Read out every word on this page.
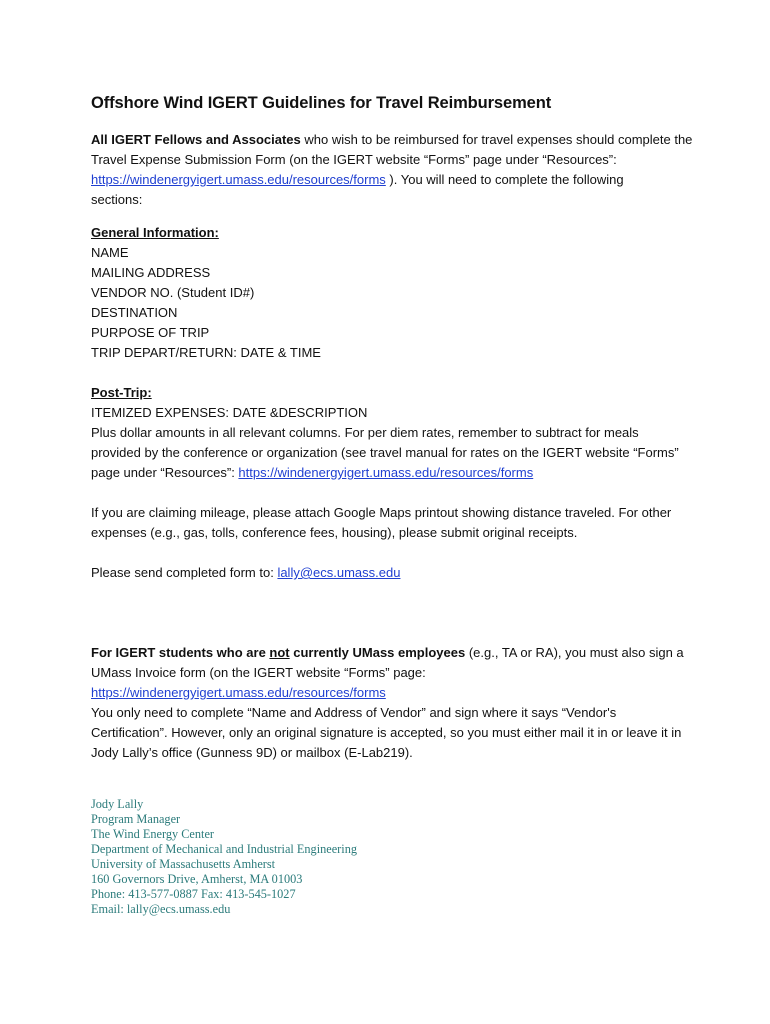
Offshore Wind IGERT Guidelines for Travel Reimbursement
All IGERT Fellows and Associates who wish to be reimbursed for travel expenses should complete the
Travel Expense Submission Form (on the IGERT website “Forms” page under “Resources”:
https://windenergyigert.umass.edu/resources/forms ). You will need to complete the following
sections:
General Information:
NAME
MAILING ADDRESS
VENDOR NO. (Student ID#)
DESTINATION
PURPOSE OF TRIP
TRIP DEPART/RETURN: DATE & TIME
Post-Trip:
ITEMIZED EXPENSES: DATE &DESCRIPTION
Plus dollar amounts in all relevant columns. For per diem rates, remember to subtract for meals
provided by the conference or organization (see travel manual for rates on the IGERT website “Forms”
page under “Resources”: https://windenergyigert.umass.edu/resources/forms
If you are claiming mileage, please attach Google Maps printout showing distance traveled. For other
expenses (e.g., gas, tolls, conference fees, housing), please submit original receipts.
Please send completed form to: lally@ecs.umass.edu
For IGERT students who are not currently UMass employees (e.g., TA or RA), you must also sign a
UMass Invoice form (on the IGERT website “Forms” page:
https://windenergyigert.umass.edu/resources/forms
You only need to complete “Name and Address of Vendor” and sign where it says “Vendor's
Certification”. However, only an original signature is accepted, so you must either mail it in or leave it in
Jody Lally’s office (Gunness 9D) or mailbox (E-Lab219).
Jody Lally
Program Manager
The Wind Energy Center
Department of Mechanical and Industrial Engineering
University of Massachusetts Amherst
160 Governors Drive, Amherst, MA 01003
Phone: 413-577-0887 Fax: 413-545-1027
Email: lally@ecs.umass.edu
